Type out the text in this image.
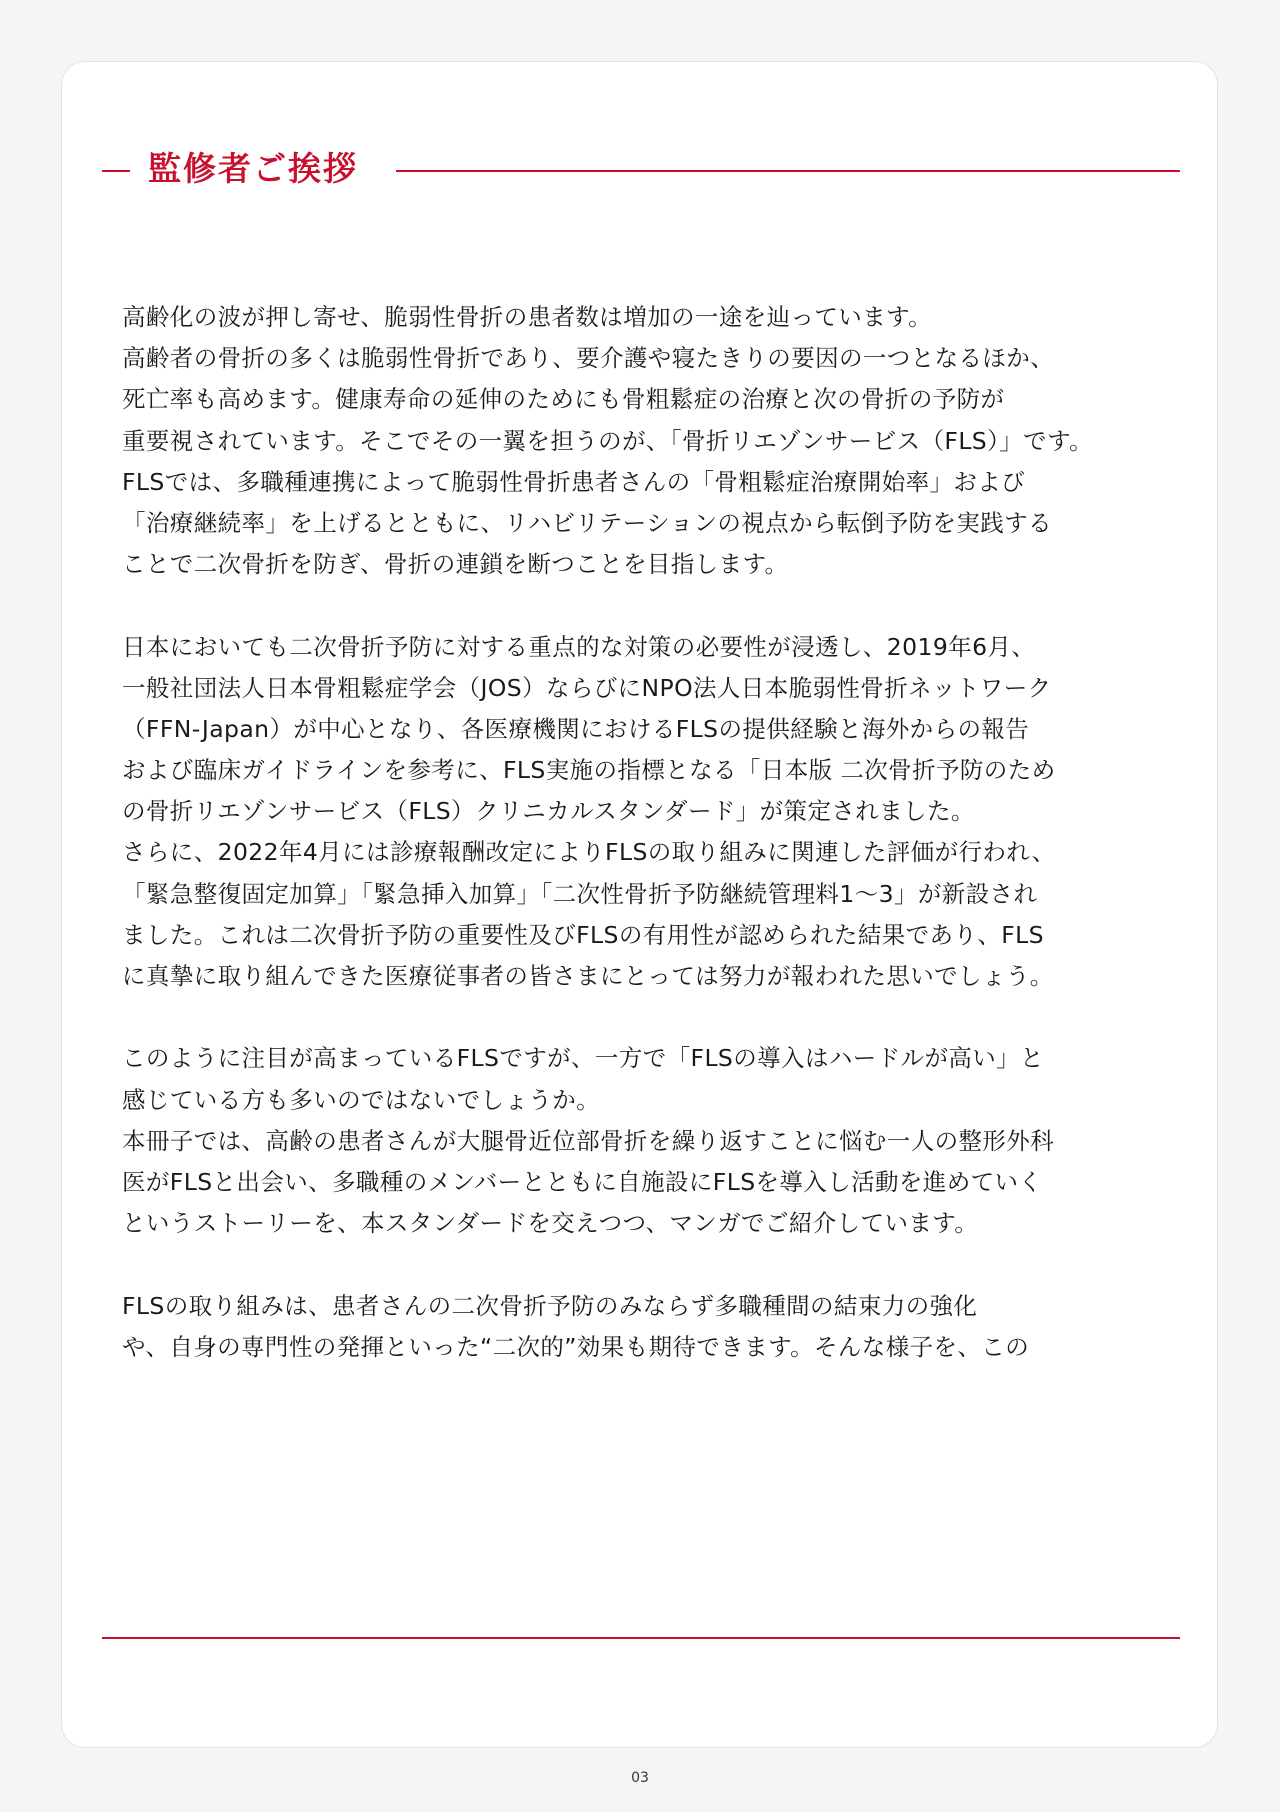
監修者ご挨拶
高齢化の波が押し寄せ、脆弱性骨折の患者数は増加の一途を辿っています。
高齢者の骨折の多くは脆弱性骨折であり、要介護や寝たきりの要因の一つとなるほか、
死亡率も高めます。健康寿命の延伸のためにも骨粗鬆症の治療と次の骨折の予防が
重要視されています。そこでその一翼を担うのが、「骨折リエゾンサービス（FLS）」です。
FLSでは、多職種連携によって脆弱性骨折患者さんの「骨粗鬆症治療開始率」および
「治療継続率」を上げるとともに、リハビリテーションの視点から転倒予防を実践する
ことで二次骨折を防ぎ、骨折の連鎖を断つことを目指します。
日本においても二次骨折予防に対する重点的な対策の必要性が浸透し、2019年6月、
一般社団法人日本骨粗鬆症学会（JOS）ならびにNPO法人日本脆弱性骨折ネットワーク
（FFN-Japan）が中心となり、各医療機関におけるFLSの提供経験と海外からの報告
および臨床ガイドラインを参考に、FLS実施の指標となる「日本版 二次骨折予防のため
の骨折リエゾンサービス（FLS）クリニカルスタンダード」が策定されました。
さらに、2022年4月には診療報酬改定によりFLSの取り組みに関連した評価が行われ、
「緊急整復固定加算」「緊急挿入加算」「二次性骨折予防継続管理料1〜3」が新設され
ました。これは二次骨折予防の重要性及びFLSの有用性が認められた結果であり、FLS
に真摯に取り組んできた医療従事者の皆さまにとっては努力が報われた思いでしょう。
このように注目が高まっているFLSですが、一方で「FLSの導入はハードルが高い」と
感じている方も多いのではないでしょうか。
本冊子では、高齢の患者さんが大腿骨近位部骨折を繰り返すことに悩む一人の整形外科
医がFLSと出会い、多職種のメンバーとともに自施設にFLSを導入し活動を進めていく
というストーリーを、本スタンダードを交えつつ、マンガでご紹介しています。
FLSの取り組みは、患者さんの二次骨折予防のみならず多職種間の結束力の強化
や、自身の専門性の発揮といった“二次的”効果も期待できます。そんな様子を、この
03
